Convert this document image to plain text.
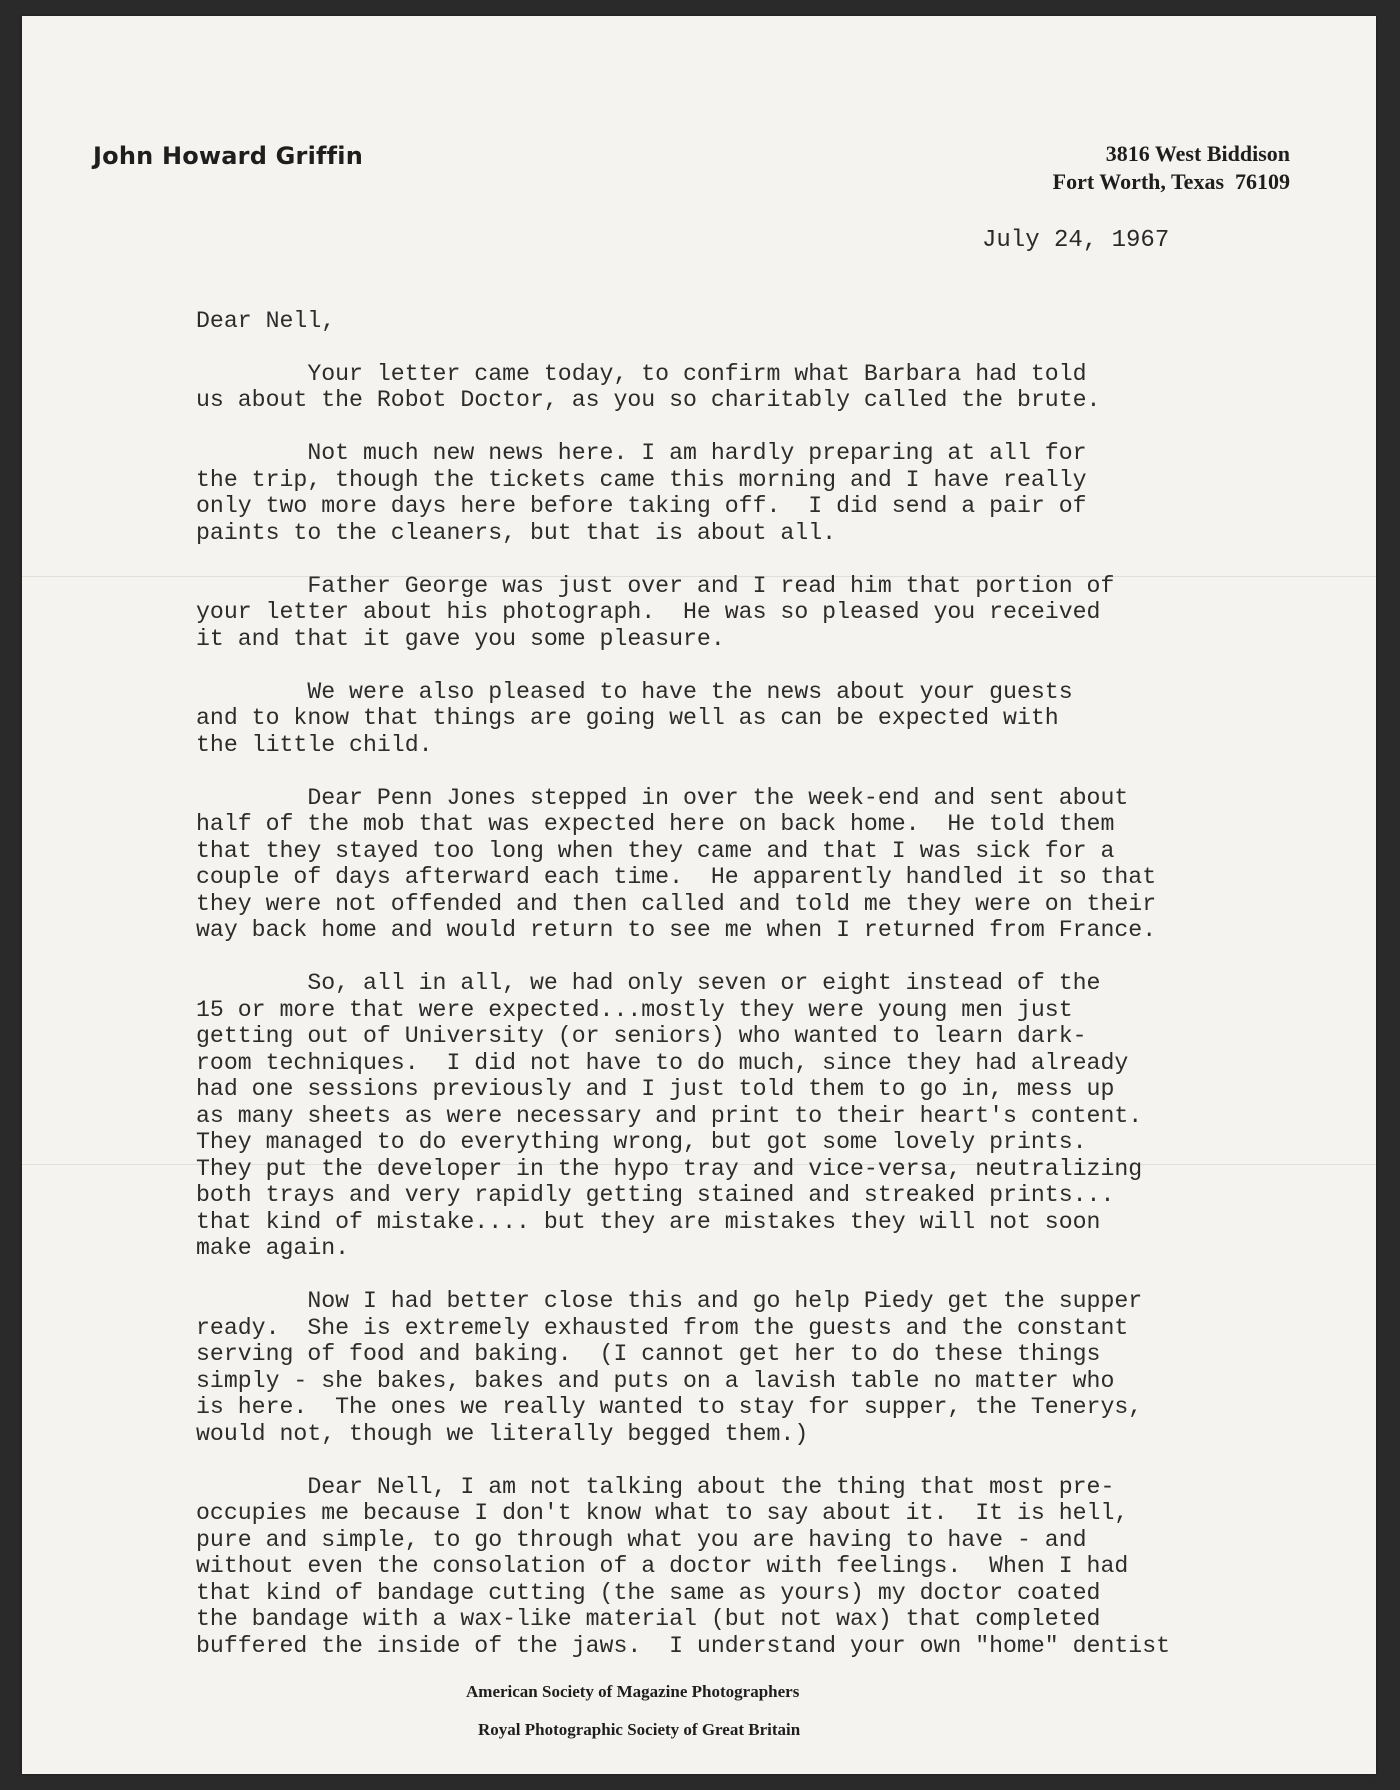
John Howard Griffin	3816 West Biddison
Fort Worth, Texas  76109
July 24, 1967
Dear Nell,
Your letter came today, to confirm what Barbara had told
us about the Robot Doctor, as you so charitably called the brute.
Not much new news here. I am hardly preparing at all for
the trip, though the tickets came this morning and I have really
only two more days here before taking off.  I did send a pair of
paints to the cleaners, but that is about all.
Father George was just over and I read him that portion of
your letter about his photograph.  He was so pleased you received
it and that it gave you some pleasure.
We were also pleased to have the news about your guests
and to know that things are going well as can be expected with
the little child.
Dear Penn Jones stepped in over the week-end and sent about
half of the mob that was expected here on back home.  He told them
that they stayed too long when they came and that I was sick for a
couple of days afterward each time.  He apparently handled it so that
they were not offended and then called and told me they were on their
way back home and would return to see me when I returned from France.
So, all in all, we had only seven or eight instead of the
15 or more that were expected...mostly they were young men just
getting out of University (or seniors) who wanted to learn dark-
room techniques.  I did not have to do much, since they had already
had one sessions previously and I just told them to go in, mess up
as many sheets as were necessary and print to their heart's content.
They managed to do everything wrong, but got some lovely prints.
They put the developer in the hypo tray and vice-versa, neutralizing
both trays and very rapidly getting stained and streaked prints...
that kind of mistake.... but they are mistakes they will not soon
make again.
Now I had better close this and go help Piedy get the supper
ready.  She is extremely exhausted from the guests and the constant
serving of food and baking.  (I cannot get her to do these things
simply - she bakes, bakes and puts on a lavish table no matter who
is here.  The ones we really wanted to stay for supper, the Tenerys,
would not, though we literally begged them.)
Dear Nell, I am not talking about the thing that most pre-
occupies me because I don't know what to say about it.  It is hell,
pure and simple, to go through what you are having to have - and
without even the consolation of a doctor with feelings.  When I had
that kind of bandage cutting (the same as yours) my doctor coated
the bandage with a wax-like material (but not wax) that completed
buffered the inside of the jaws.  I understand your own "home" dentist
American Society of Magazine Photographers
Royal Photographic Society of Great Britain
